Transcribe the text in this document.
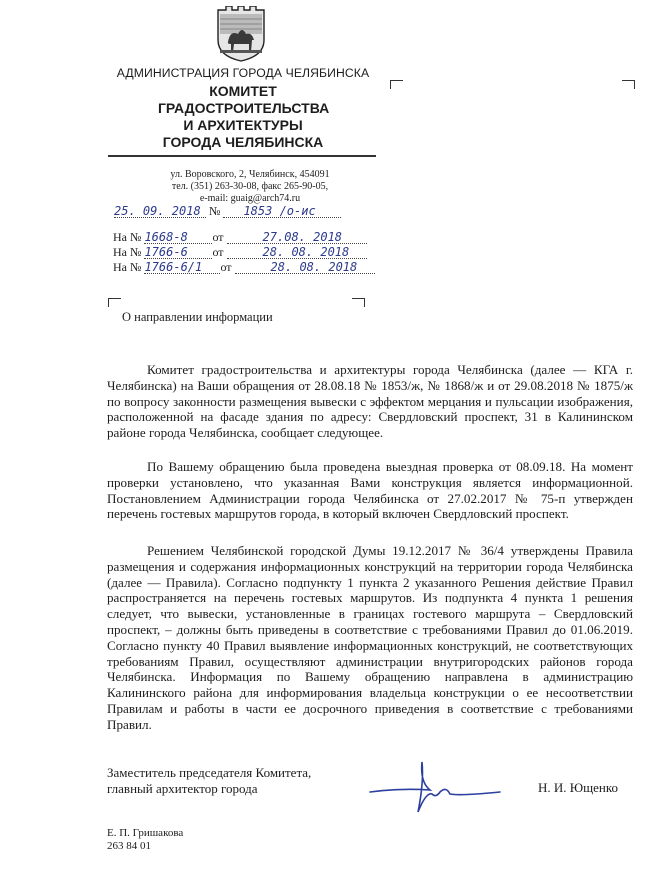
АДМИНИСТРАЦИЯ ГОРОДА ЧЕЛЯБИНСКА
КОМИТЕТ
ГРАДОСТРОИТЕЛЬСТВА
И АРХИТЕКТУРЫ
ГОРОДА ЧЕЛЯБИНСКА
ул. Воровского, 2, Челябинск, 454091
тел. (351) 263-30-08, факс 265-90-05,
e-mail: guaig@arch74.ru
25. 09. 2018 № 1853 /о-ис
На № 1668-8 от	27.08. 2018
На № 1766-6 от	28. 08. 2018
На № 1766-6/1 от	28. 08. 2018
О направлении информации
Комитет градостроительства и архитектуры города Челябинска (далее — КГА г. Челябинска) на Ваши обращения от 28.08.18 № 1853/ж, № 1868/ж и от 29.08.2018 № 1875/ж по вопросу законности размещения вывески с эффектом мерцания и пульсации изображения, расположенной на фасаде здания по адресу: Свердловский проспект, 31 в Калининском районе города Челябинска, сообщает следующее.
По Вашему обращению была проведена выездная проверка от 08.09.18. На момент проверки установлено, что указанная Вами конструкция является информационной. Постановлением Администрации города Челябинска от 27.02.2017 № 75-п утвержден перечень гостевых маршрутов города, в который включен Свердловский проспект.
Решением Челябинской городской Думы 19.12.2017 № 36/4 утверждены Правила размещения и содержания информационных конструкций на территории города Челябинска (далее — Правила). Согласно подпункту 1 пункта 2 указанного Решения действие Правил распространяется на перечень гостевых маршрутов. Из подпункта 4 пункта 1 решения следует, что вывески, установленные в границах гостевого маршрута – Свердловский проспект, – должны быть приведены в соответствие с требованиями Правил до 01.06.2019. Согласно пункту 40 Правил выявление информационных конструкций, не соответствующих требованиям Правил, осуществляют администрации внутригородских районов города Челябинска. Информация по Вашему обращению направлена в администрацию Калининского района для информирования владельца конструкции о ее несоответствии Правилам и работы в части ее досрочного приведения в соответствие с требованиями Правил.
Заместитель председателя Комитета,
главный архитектор города	Н. И. Ющенко
Е. П. Гришакова
263 84 01
